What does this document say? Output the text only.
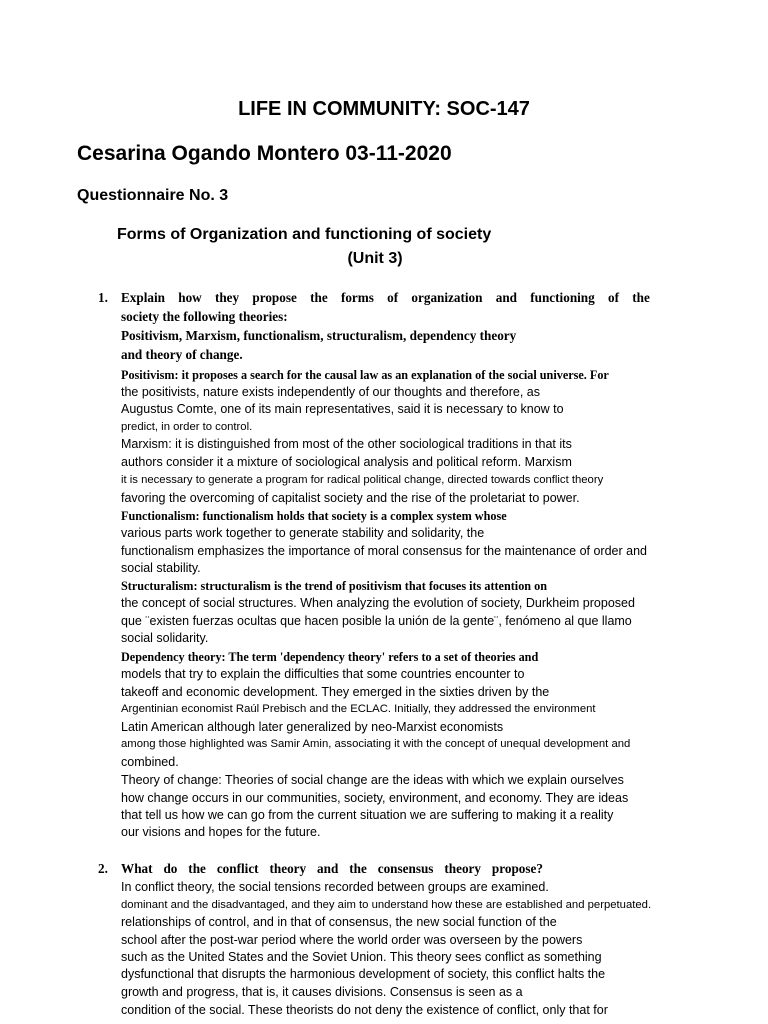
LIFE IN COMMUNITY: SOC-147
Cesarina Ogando Montero 03-11-2020
Questionnaire No. 3
Forms of Organization and functioning of society
(Unit 3)
1. Explain how they propose the forms of organization and functioning of the
society the following theories:
Positivism, Marxism, functionalism, structuralism, dependency theory
and theory of change.
Positivism: it proposes a search for the causal law as an explanation of the social universe. For
the positivists, nature exists independently of our thoughts and therefore, as
Augustus Comte, one of its main representatives, said it is necessary to know to
predict, in order to control.
Marxism: it is distinguished from most of the other sociological traditions in that its
authors consider it a mixture of sociological analysis and political reform. Marxism
it is necessary to generate a program for radical political change, directed towards conflict theory
favoring the overcoming of capitalist society and the rise of the proletariat to power.
Functionalism: functionalism holds that society is a complex system whose
various parts work together to generate stability and solidarity, the
functionalism emphasizes the importance of moral consensus for the maintenance of order and
social stability.
Structuralism: structuralism is the trend of positivism that focuses its attention on
the concept of social structures. When analyzing the evolution of society, Durkheim proposed
que ¨existen fuerzas ocultas que hacen posible la unión de la gente¨, fenómeno al que llamo
social solidarity.
Dependency theory: The term 'dependency theory' refers to a set of theories and
models that try to explain the difficulties that some countries encounter to
takeoff and economic development. They emerged in the sixties driven by the
Argentinian economist Raúl Prebisch and the ECLAC. Initially, they addressed the environment
Latin American although later generalized by neo-Marxist economists
among those highlighted was Samir Amin, associating it with the concept of unequal development and
combined.
Theory of change: Theories of social change are the ideas with which we explain ourselves
how change occurs in our communities, society, environment, and economy. They are ideas
that tell us how we can go from the current situation we are suffering to making it a reality
our visions and hopes for the future.
2. What do the conflict theory and the consensus theory propose?
In conflict theory, the social tensions recorded between groups are examined.
dominant and the disadvantaged, and they aim to understand how these are established and perpetuated.
relationships of control, and in that of consensus, the new social function of the
school after the post-war period where the world order was overseen by the powers
such as the United States and the Soviet Union. This theory sees conflict as something
dysfunctional that disrupts the harmonious development of society, this conflict halts the
growth and progress, that is, it causes divisions. Consensus is seen as a
condition of the social. These theorists do not deny the existence of conflict, only that for
